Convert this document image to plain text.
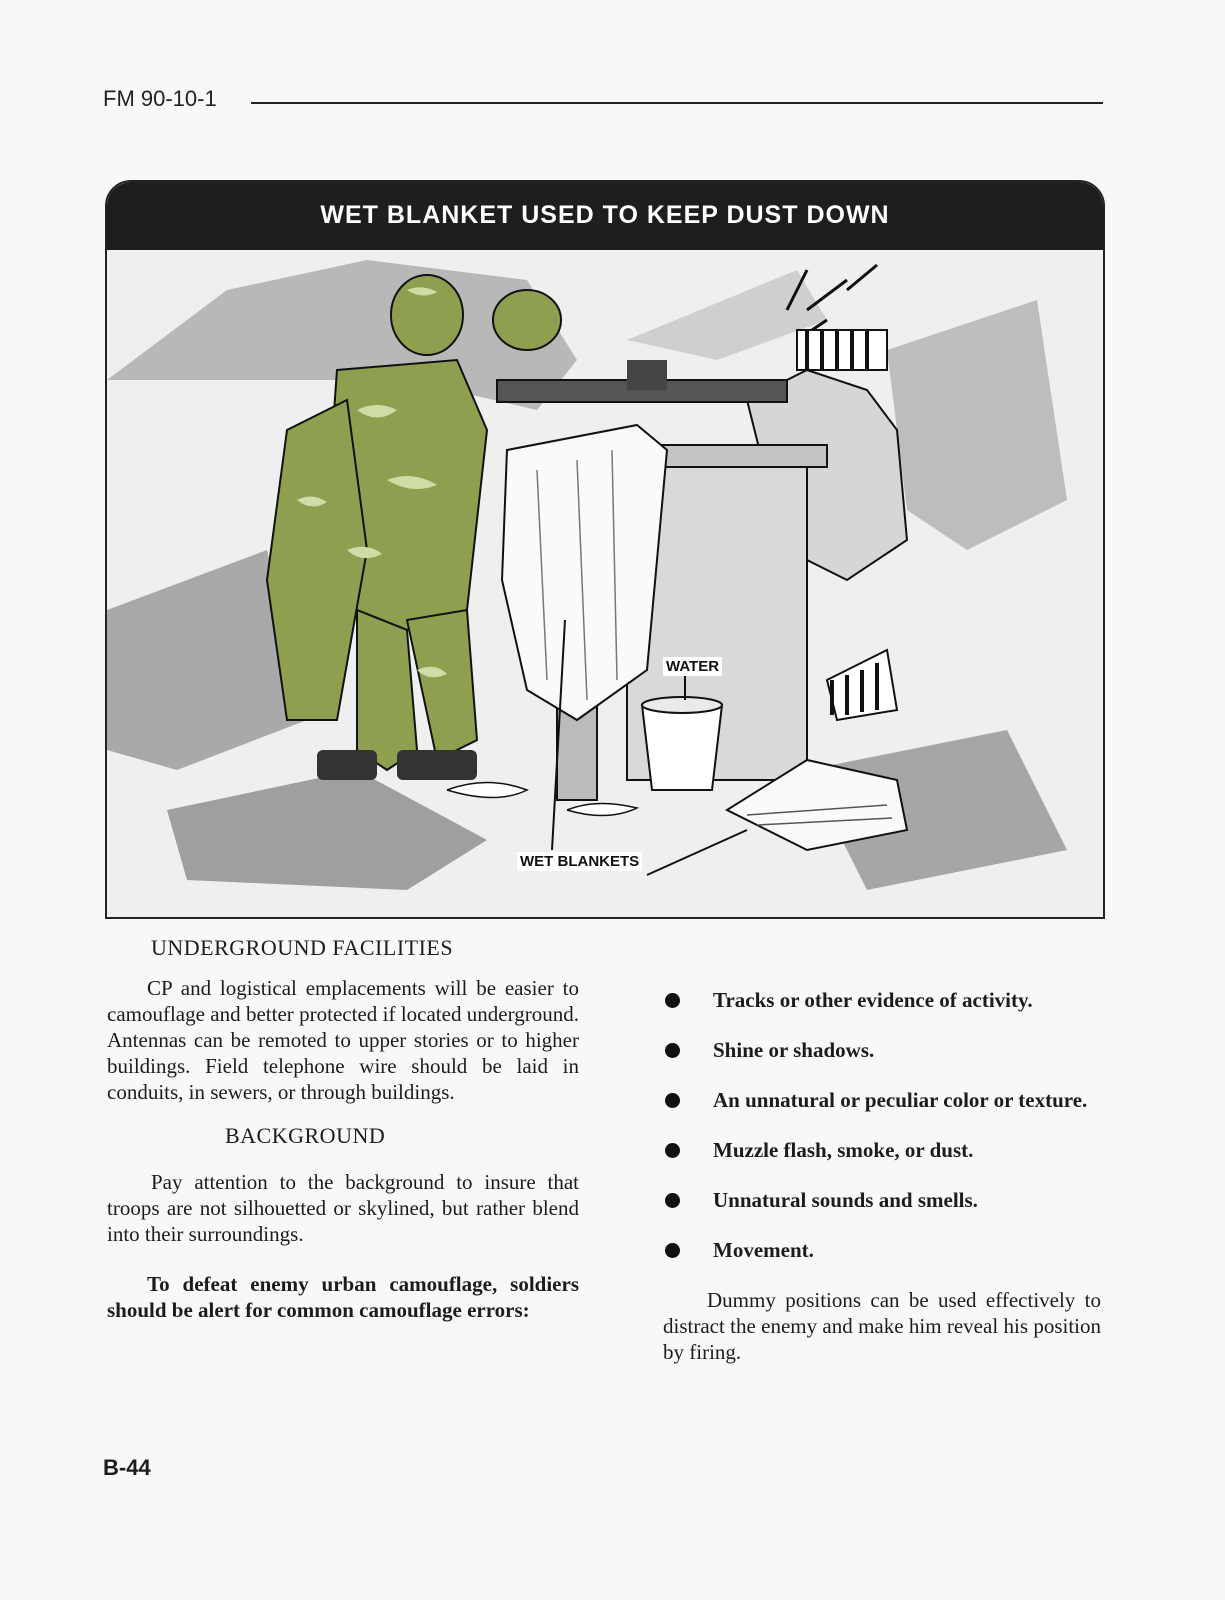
FM 90-10-1
WET BLANKET USED TO KEEP DUST DOWN
WATER
WET BLANKETS
UNDERGROUND FACILITIES

CP and logistical emplacements will be easier to camouflage and better protected if located underground. Antennas can be remoted to upper stories or to higher buildings. Field telephone wire should be laid in conduits, in sewers, or through buildings.

BACKGROUND

Pay attention to the background to insure that troops are not silhouetted or skylined, but rather blend into their surroundings.

To defeat enemy urban camouflage, soldiers should be alert for common camouflage errors:

Tracks or other evidence of activity.
Shine or shadows.
An unnatural or peculiar color or texture.
Muzzle flash, smoke, or dust.
Unnatural sounds and smells.
Movement.

Dummy positions can be used effectively to distract the enemy and make him reveal his position by firing.

B-44
